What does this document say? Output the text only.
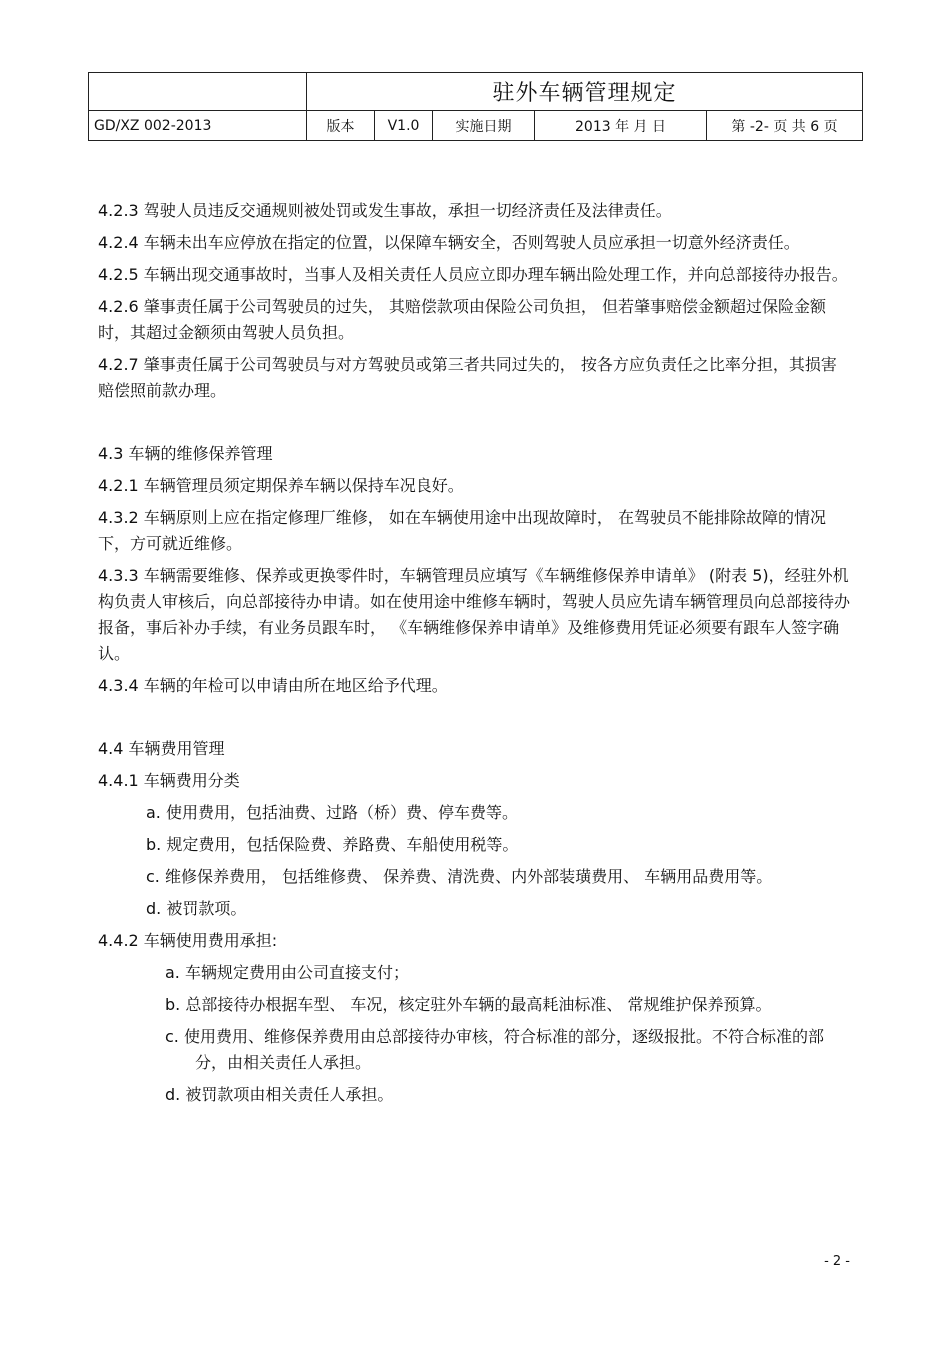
	驻外车辆管理规定				
GD/XZ 002-2013	版本	V1.0	实施日期	2013 年 月 日	第 -2- 页 共 6 页

4.2.3 驾驶人员违反交通规则被处罚或发生事故，承担一切经济责任及法律责任。

4.2.4 车辆未出车应停放在指定的位置，以保障车辆安全，否则驾驶人员应承担一切意外经济责任。

4.2.5 车辆出现交通事故时，当事人及相关责任人员应立即办理车辆出险处理工作，并向总部接待办报告。

4.2.6 肇事责任属于公司驾驶员的过失， 其赔偿款项由保险公司负担， 但若肇事赔偿金额超过保险金额时，其超过金额须由驾驶人员负担。

4.2.7 肇事责任属于公司驾驶员与对方驾驶员或第三者共同过失的， 按各方应负责任之比率分担，其损害赔偿照前款办理。

4.3 车辆的维修保养管理

4.2.1 车辆管理员须定期保养车辆以保持车况良好。

4.3.2 车辆原则上应在指定修理厂维修， 如在车辆使用途中出现故障时， 在驾驶员不能排除故障的情况下，方可就近维修。

4.3.3 车辆需要维修、保养或更换零件时，车辆管理员应填写《车辆维修保养申请单》 (附表 5)，经驻外机构负责人审核后，向总部接待办申请。如在使用途中维修车辆时，驾驶人员应先请车辆管理员向总部接待办报备，事后补办手续，有业务员跟车时， 《车辆维修保养申请单》及维修费用凭证必须要有跟车人签字确认。

4.3.4 车辆的年检可以申请由所在地区给予代理。

4.4 车辆费用管理

4.4.1 车辆费用分类

a. 使用费用，包括油费、过路（桥）费、停车费等。

b. 规定费用，包括保险费、养路费、车船使用税等。

c. 维修保养费用， 包括维修费、 保养费、清洗费、内外部装璜费用、 车辆用品费用等。

d. 被罚款项。

4.4.2 车辆使用费用承担:

a. 车辆规定费用由公司直接支付；

b. 总部接待办根据车型、 车况，核定驻外车辆的最高耗油标准、 常规维护保养预算。

c. 使用费用、维修保养费用由总部接待办审核，符合标准的部分，逐级报批。不符合标准的部分，由相关责任人承担。

d. 被罚款项由相关责任人承担。

- 2 -
